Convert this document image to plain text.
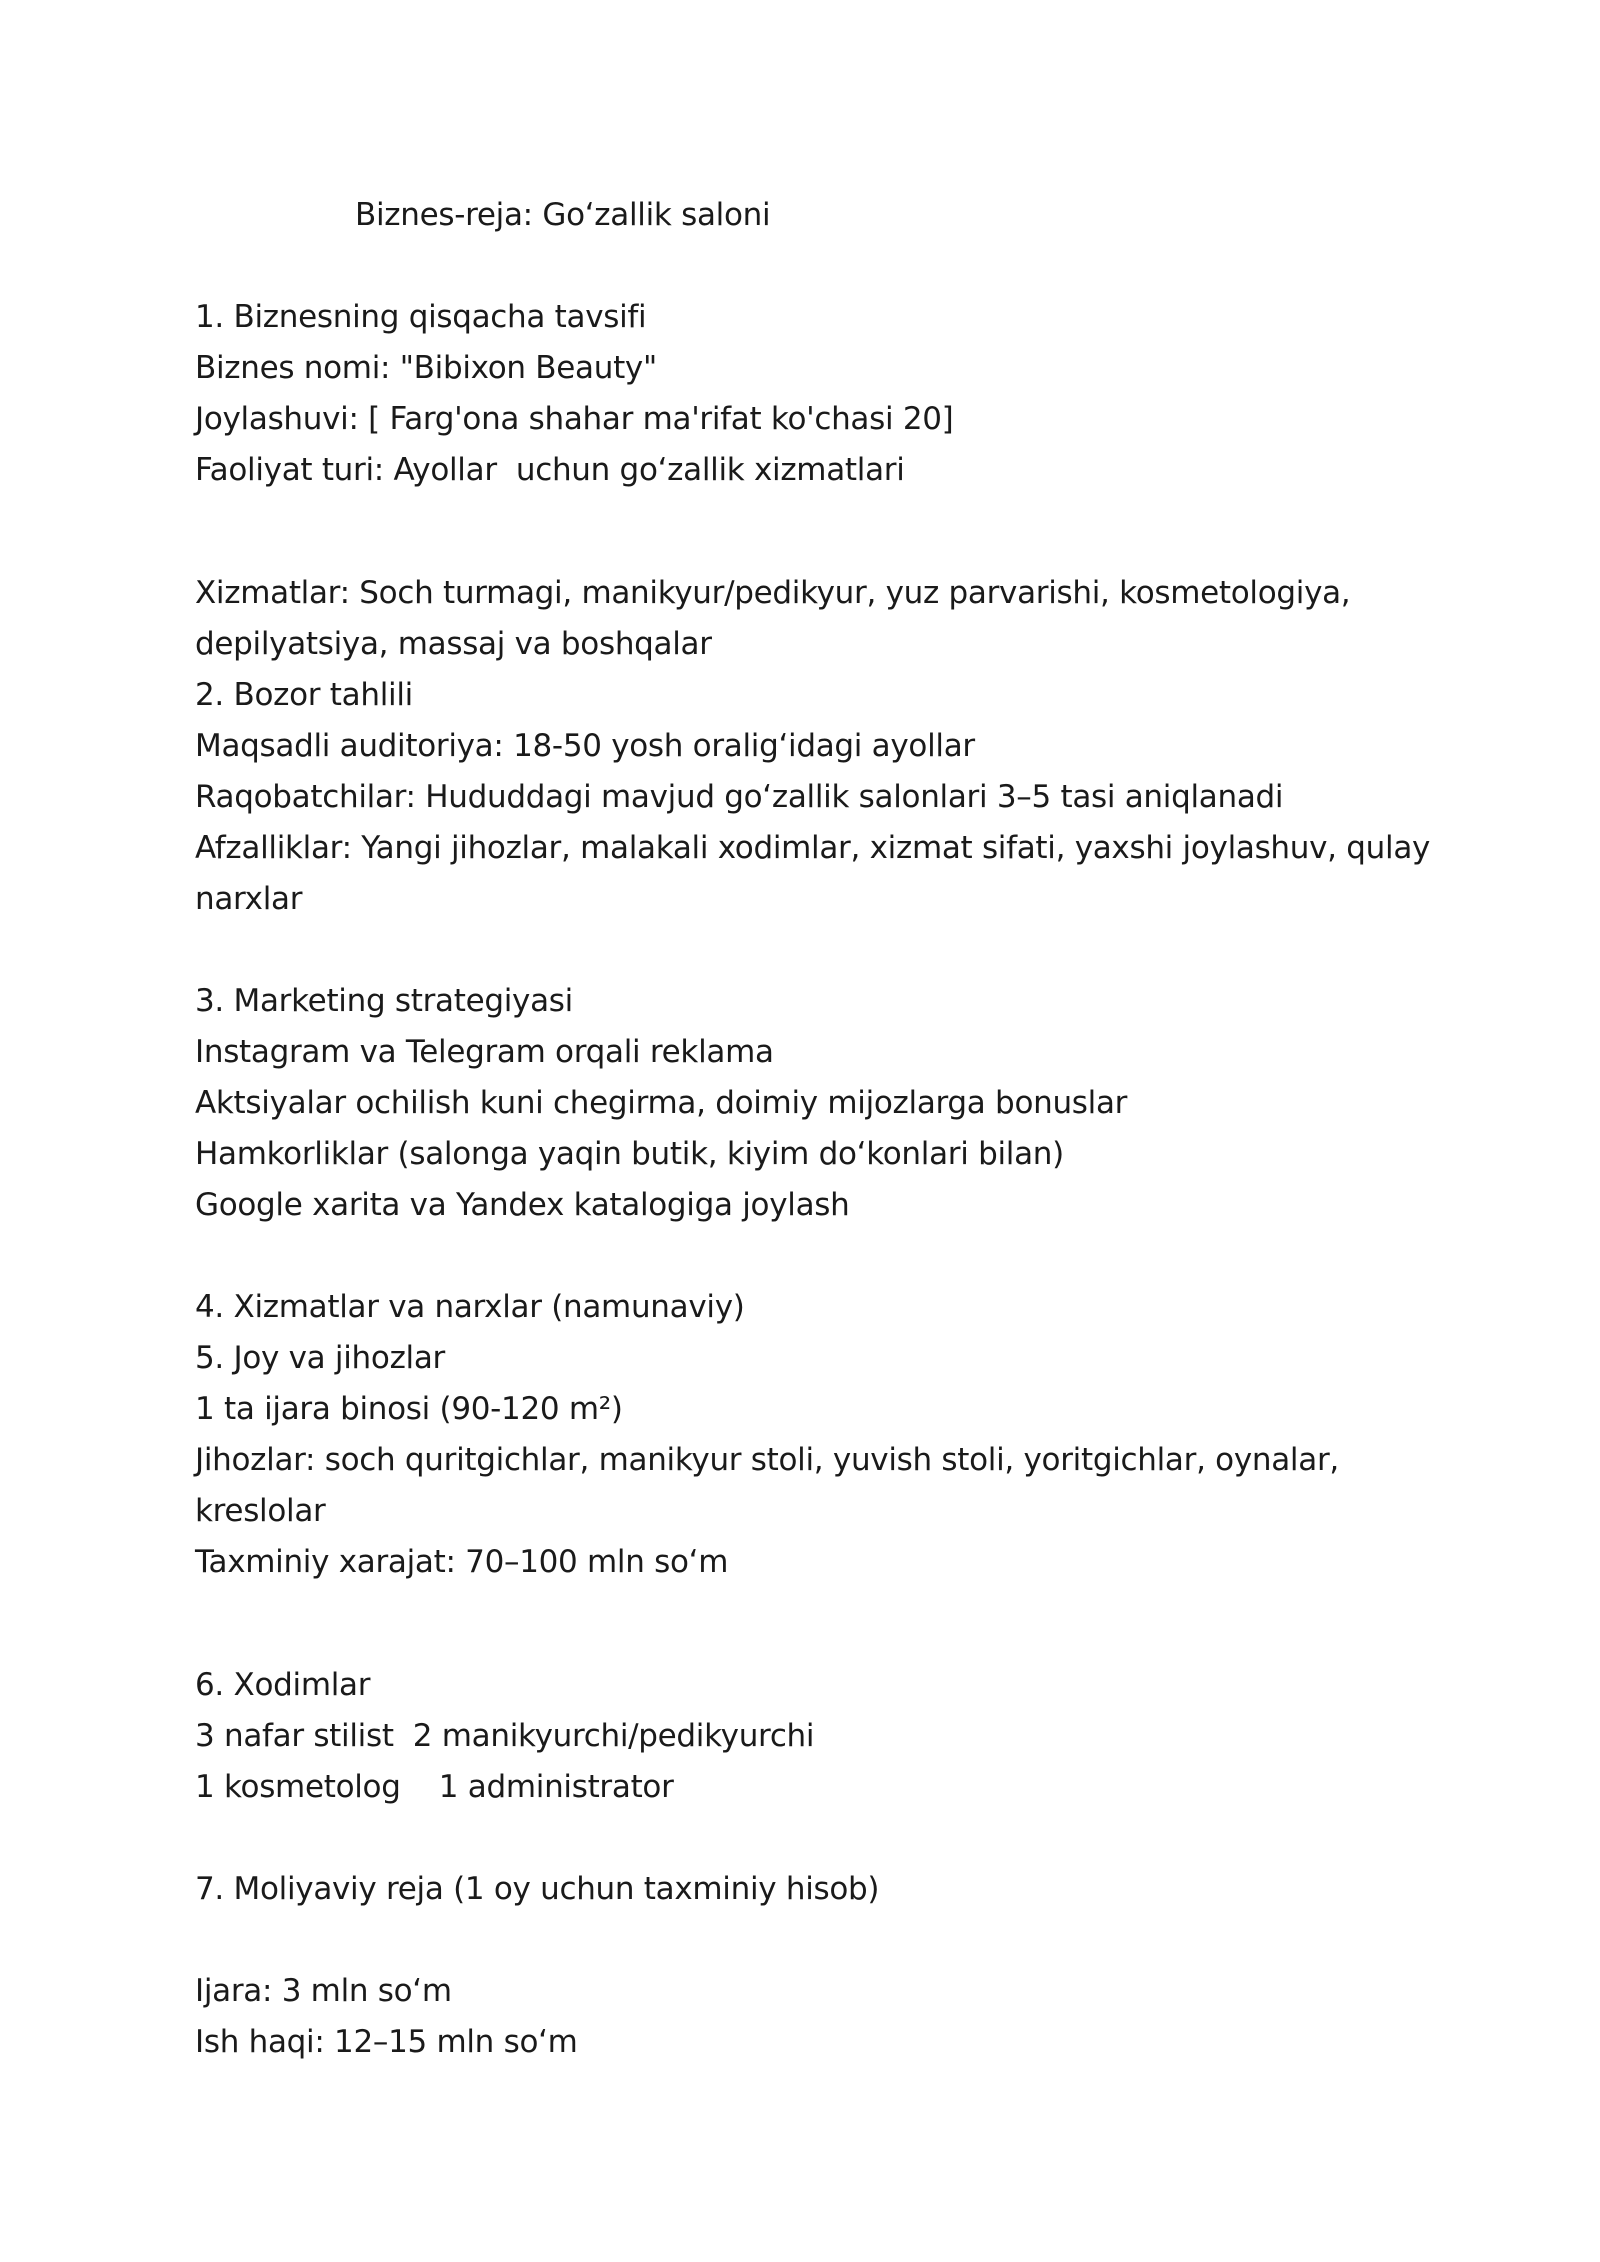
Biznes-reja: Go‘zallik saloni
1. Biznesning qisqacha tavsifi
Biznes nomi: "Bibixon Beauty"
Joylashuvi: [ Farg'ona shahar ma'rifat ko'chasi 20]
Faoliyat turi: Ayollar  uchun go‘zallik xizmatlari
Xizmatlar: Soch turmagi, manikyur/pedikyur, yuz parvarishi, kosmetologiya,
depilyatsiya, massaj va boshqalar
2. Bozor tahlili
Maqsadli auditoriya: 18-50 yosh oralig‘idagi ayollar
Raqobatchilar: Hududdagi mavjud go‘zallik salonlari 3–5 tasi aniqlanadi
Afzalliklar: Yangi jihozlar, malakali xodimlar, xizmat sifati, yaxshi joylashuv, qulay
narxlar
3. Marketing strategiyasi
Instagram va Telegram orqali reklama
Aktsiyalar ochilish kuni chegirma, doimiy mijozlarga bonuslar
Hamkorliklar (salonga yaqin butik, kiyim do‘konlari bilan)
Google xarita va Yandex katalogiga joylash
4. Xizmatlar va narxlar (namunaviy)
5. Joy va jihozlar
1 ta ijara binosi (90-120 m²)
Jihozlar: soch quritgichlar, manikyur stoli, yuvish stoli, yoritgichlar, oynalar,
kreslolar
Taxminiy xarajat: 70–100 mln so‘m
6. Xodimlar
3 nafar stilist  2 manikyurchi/pedikyurchi
1 kosmetolog    1 administrator
7. Moliyaviy reja (1 oy uchun taxminiy hisob)
Ijara: 3 mln so‘m
Ish haqi: 12–15 mln so‘m
